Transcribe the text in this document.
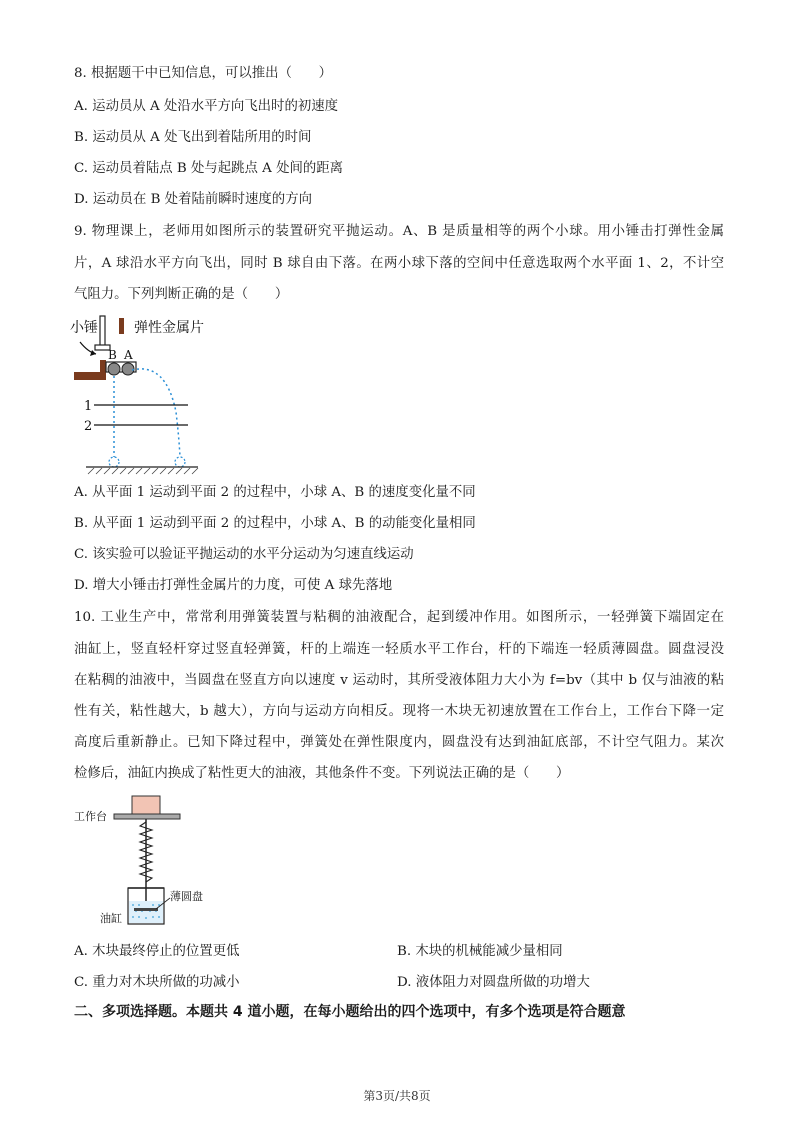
8. 根据题干中已知信息，可以推出（　　）
A. 运动员从 A 处沿水平方向飞出时的初速度
B. 运动员从 A 处飞出到着陆所用的时间
C. 运动员着陆点 B 处与起跳点 A 处间的距离
D. 运动员在 B 处着陆前瞬时速度的方向
9. 物理课上，老师用如图所示的装置研究平抛运动。A、B 是质量相等的两个小球。用小锤击打弹性金属
片，A 球沿水平方向飞出，同时 B 球自由下落。在两小球下落的空间中任意选取两个水平面 1、2，不计空
气阻力。下列判断正确的是（　　）
小锤	弹性金属片
B A
1
2
A. 从平面 1 运动到平面 2 的过程中，小球 A、B 的速度变化量不同
B. 从平面 1 运动到平面 2 的过程中，小球 A、B 的动能变化量相同
C. 该实验可以验证平抛运动的水平分运动为匀速直线运动
D. 增大小锤击打弹性金属片的力度，可使 A 球先落地
10. 工业生产中，常常利用弹簧装置与粘稠的油液配合，起到缓冲作用。如图所示，一轻弹簧下端固定在
油缸上，竖直轻杆穿过竖直轻弹簧，杆的上端连一轻质水平工作台，杆的下端连一轻质薄圆盘。圆盘浸没
在粘稠的油液中，当圆盘在竖直方向以速度 v 运动时，其所受液体阻力大小为 f=bv（其中 b 仅与油液的粘
性有关，粘性越大，b 越大），方向与运动方向相反。现将一木块无初速放置在工作台上，工作台下降一定
高度后重新静止。已知下降过程中，弹簧处在弹性限度内，圆盘没有达到油缸底部，不计空气阻力。某次
检修后，油缸内换成了粘性更大的油液，其他条件不变。下列说法正确的是（　　）
工作台
薄圆盘
油缸
A. 木块最终停止的位置更低	B. 木块的机械能减少量相同
C. 重力对木块所做的功减小	D. 液体阻力对圆盘所做的功增大
二、多项选择题。本题共 4 道小题，在每小题给出的四个选项中，有多个选项是符合题意
第3页/共8页
